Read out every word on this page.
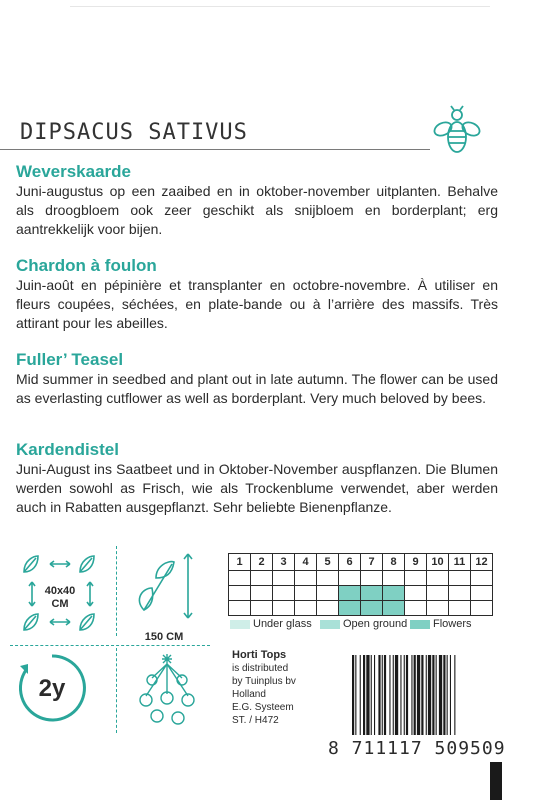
DIPSACUS SATIVUS
Weverskaarde

Juni-augustus op een zaaibed en in oktober-november uitplanten. Behalve als droogbloem ook zeer geschikt als snijbloem en borderplant; erg aantrekkelijk voor bijen.

Chardon à foulon

Juin-août en pépinière et transplanter en octobre-novembre. À utiliser en fleurs coupées, séchées, en plate-bande ou à l’arrière des massifs. Très attirant pour les abeilles.

Fuller’ Teasel

Mid summer in seedbed and plant out in late autumn. The flower can be used as everlasting cutflower as well as borderplant. Very much beloved by bees.

Kardendistel

Juni-August ins Saatbeet und in Oktober-November auspflanzen. Die Blumen werden sowohl as Frisch, wie als Trockenblume verwendet, aber werden auch in Rabatten ausgepflanzt. Sehr beliebte Bienenpflanze.

40x40
CM
150 CM
1	2	3	4	5	6	7	8	9	10	11	12

Under glass	Open ground	Flowers
2y
Horti Tops
is distributed
by Tuinplus bv
Holland
E.G. Systeem
ST. / H472
8 711117 509509
